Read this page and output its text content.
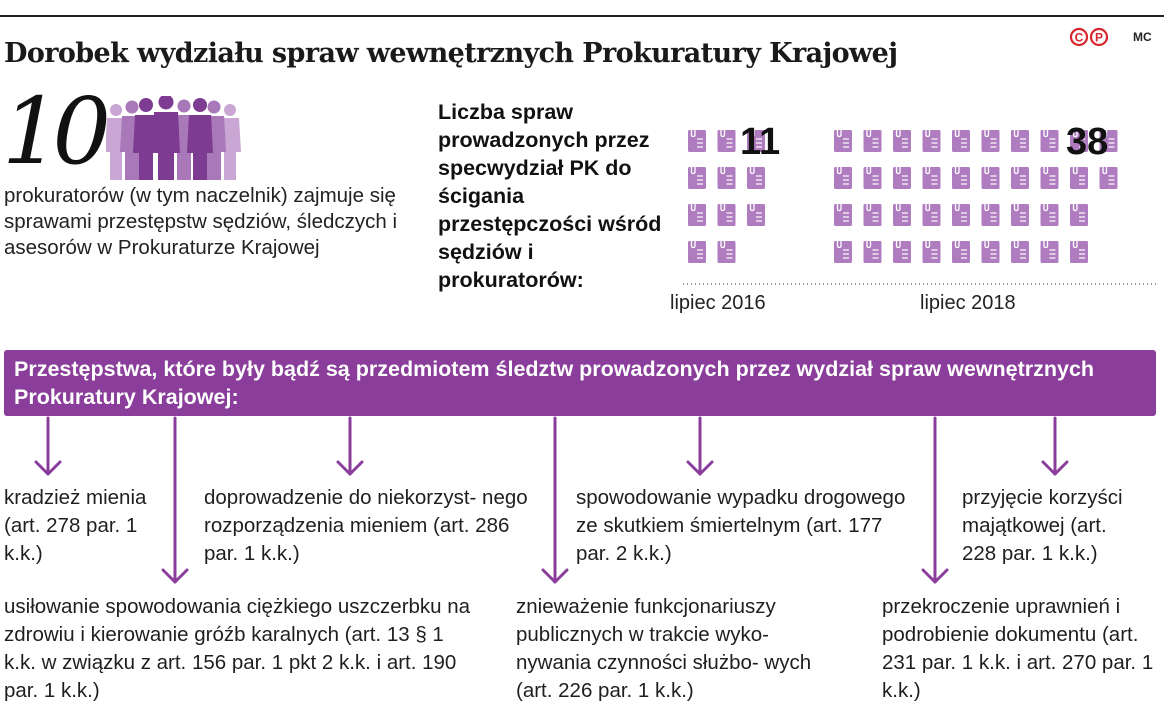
Dorobek wydziału spraw wewnętrznych Prokuratury Krajowej
C P MC
10
prokuratorów (w tym naczelnik) zajmuje się sprawami przestępstw sędziów, śledczych i asesorów w Prokuraturze Krajowej
Liczba spraw prowadzonych przez specwydział PK do ścigania przestępczości wśród sędziów i prokuratorów:
11	38
lipiec 2016	lipiec 2018
Przestępstwa, które były bądź są przedmiotem śledztw prowadzonych przez wydział spraw wewnętrznych Prokuratury Krajowej:
kradzież mienia (art. 278 par. 1 k.k.)
doprowadzenie do niekorzyst- nego rozporządzenia mieniem (art. 286 par. 1 k.k.)
spowodowanie wypadku drogowego ze skutkiem śmiertelnym (art. 177 par. 2 k.k.)
przyjęcie korzyści majątkowej (art. 228 par. 1 k.k.)
usiłowanie spowodowania ciężkiego uszczerbku na zdrowiu i kierowanie gróźb karalnych (art. 13 § 1 k.k. w związku z art. 156 par. 1 pkt 2 k.k. i art. 190 par. 1 k.k.)
znieważenie funkcjonariuszy publicznych w trakcie wyko- nywania czynności służbo- wych (art. 226 par. 1 k.k.)
przekroczenie uprawnień i podrobienie dokumentu (art. 231 par. 1 k.k. i art. 270 par. 1 k.k.)
